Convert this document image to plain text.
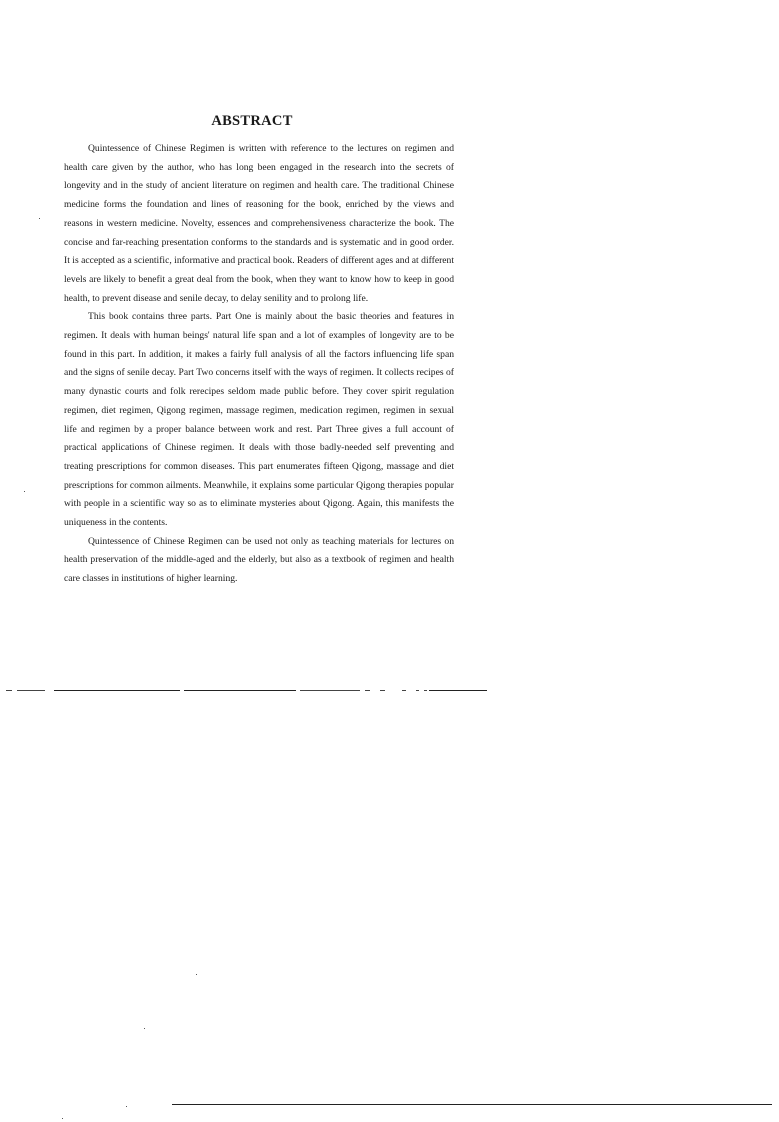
ABSTRACT

Quintessence of Chinese Regimen is written with reference to the lectures on regimen and health care given by the author, who has long been engaged in the research into the secrets of longevity and in the study of ancient literature on regimen and health care. The traditional Chinese medicine forms the foundation and lines of reasoning for the book, enriched by the views and reasons in western medicine. Novelty, essences and comprehensiveness characterize the book. The concise and far-reaching presentation conforms to the standards and is systematic and in good order. It is accepted as a scientific, informative and practical book. Readers of different ages and at different levels are likely to benefit a great deal from the book, when they want to know how to keep in good health, to prevent disease and senile decay, to delay senility and to prolong life.

This book contains three parts. Part One is mainly about the basic theories and features in regimen. It deals with human beings' natural life span and a lot of examples of longevity are to be found in this part. In addition, it makes a fairly full analysis of all the factors influencing life span and the signs of senile decay. Part Two concerns itself with the ways of regimen. It collects recipes of many dynastic courts and folk rerecipes seldom made public before. They cover spirit regulation regimen, diet regimen, Qigong regimen, massage regimen, medication regimen, regimen in sexual life and regimen by a proper balance between work and rest. Part Three gives a full account of practical applications of Chinese regimen. It deals with those badly-needed self preventing and treating prescriptions for common diseases. This part enumerates fifteen Qigong, massage and diet prescriptions for common ailments. Meanwhile, it explains some particular Qigong therapies popular with people in a scientific way so as to eliminate mysteries about Qigong. Again, this manifests the uniqueness in the contents.

Quintessence of Chinese Regimen can be used not only as teaching materials for lectures on health preservation of the middle-aged and the elderly, but also as a textbook of regimen and health care classes in institutions of higher learning.
